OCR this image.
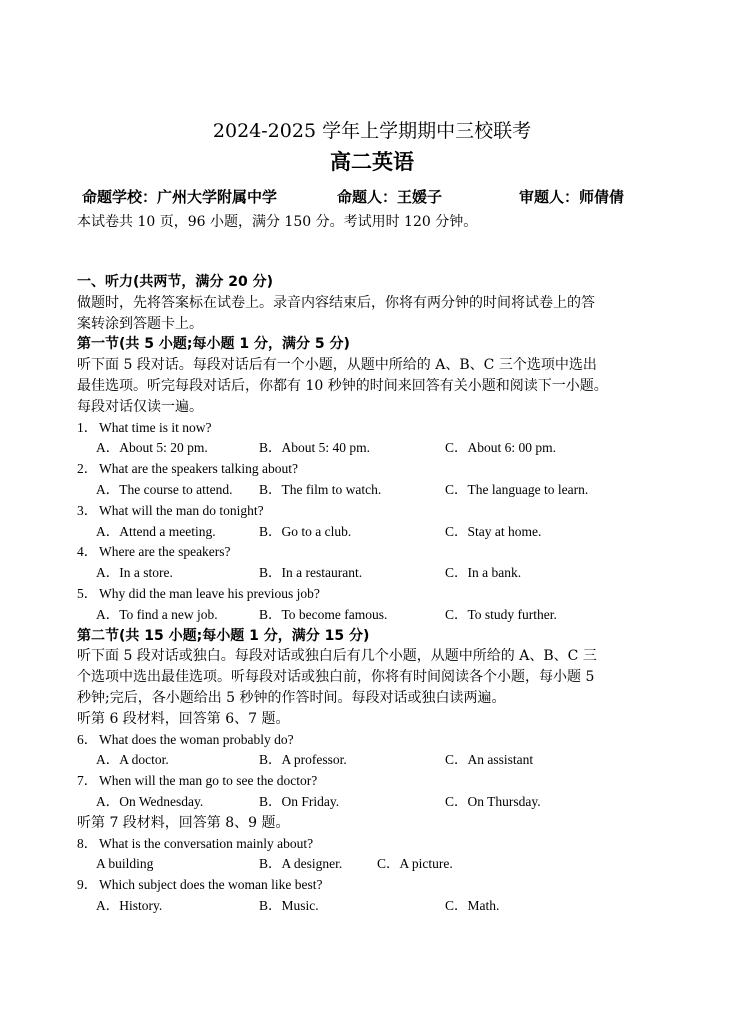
2024-2025 学年上学期期中三校联考
高二英语
命题学校：广州大学附属中学	命题人：王媛子	审题人：师倩倩
本试卷共 10 页，96 小题，满分 150 分。考试用时 120 分钟。
一、听力(共两节，满分 20 分)
做题时，先将答案标在试卷上。录音内容结束后，你将有两分钟的时间将试卷上的答
案转涂到答题卡上。
第一节(共 5 小题;每小题 1 分，满分 5 分)
听下面 5 段对话。每段对话后有一个小题，从题中所给的 A、B、C 三个选项中选出
最佳选项。听完每段对话后，你都有 10 秒钟的时间来回答有关小题和阅读下一小题。
每段对话仅读一遍。
1． What time is it now?
A．About 5: 20 pm.	B．About 5: 40 pm.	C．About 6: 00 pm.
2． What are the speakers talking about?
A．The course to attend. B．The film to watch.	C．The language to learn.
3． What will the man do tonight?
A．Attend a meeting.	B．Go to a club.	C．Stay at home.
4． Where are the speakers?
A．In a store.	B．In a restaurant.	C．In a bank.
5． Why did the man leave his previous job?
A．To find a new job.	B．To become famous.	C．To study further.
第二节(共 15 小题;每小题 1 分，满分 15 分)
听下面 5 段对话或独白。每段对话或独白后有几个小题，从题中所给的 A、B、C 三
个选项中选出最佳选项。听每段对话或独白前，你将有时间阅读各个小题，每小题 5
秒钟;完后，各小题给出 5 秒钟的作答时间。每段对话或独白读两遍。
听第 6 段材料，回答第 6、7 题。
6． What does the woman probably do?
A．A doctor.	B．A professor.	C．An assistant
7． When will the man go to see the doctor?
A．On Wednesday.	B．On Friday.	C．On Thursday.
听第 7 段材料，回答第 8、9 题。
8． What is the conversation mainly about?
A building	B．A designer.	C．A picture.
9． Which subject does the woman like best?
A．History.	B．Music.	C．Math.
